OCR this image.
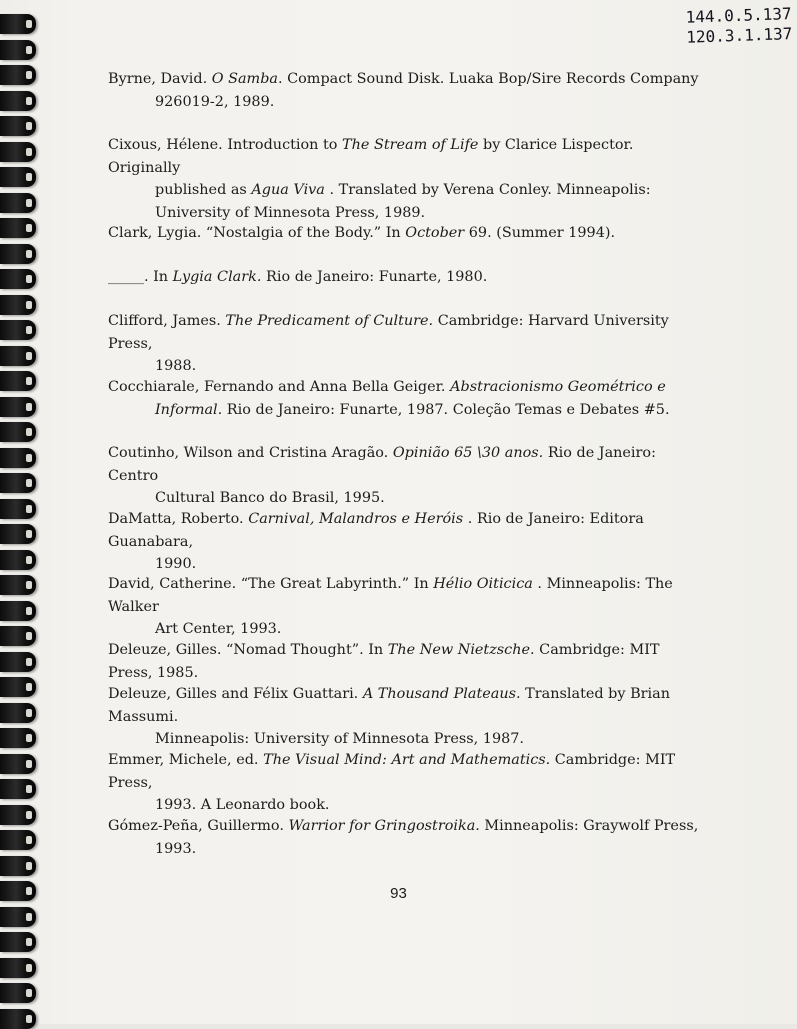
144.0.5.137
120.3.1.137

Byrne, David. O Samba. Compact Sound Disk. Luaka Bop/Sire Records Company

926019-2, 1989.

Cixous, Hélene. Introduction to The Stream of Life by Clarice Lispector. Originally

published as Agua Viva . Translated by Verena Conley. Minneapolis:

University of Minnesota Press, 1989.

Clark, Lygia. “Nostalgia of the Body.” In October 69. (Summer 1994).

_____. In Lygia Clark. Rio de Janeiro: Funarte, 1980.

Clifford, James. The Predicament of Culture. Cambridge: Harvard University Press,

1988.

Cocchiarale, Fernando and Anna Bella Geiger. Abstracionismo Geométrico e

Informal. Rio de Janeiro: Funarte, 1987. Coleção Temas e Debates #5.

Coutinho, Wilson and Cristina Aragão. Opinião 65 \30 anos. Rio de Janeiro: Centro

Cultural Banco do Brasil, 1995.

DaMatta, Roberto. Carnival, Malandros e Heróis . Rio de Janeiro: Editora Guanabara,

1990.

David, Catherine. “The Great Labyrinth.” In Hélio Oiticica . Minneapolis: The Walker

Art Center, 1993.

Deleuze, Gilles. “Nomad Thought”. In The New Nietzsche. Cambridge: MIT Press, 1985.

Deleuze, Gilles and Félix Guattari. A Thousand Plateaus. Translated by Brian Massumi.

Minneapolis: University of Minnesota Press, 1987.

Emmer, Michele, ed. The Visual Mind: Art and Mathematics. Cambridge: MIT Press,

1993. A Leonardo book.

Gómez-Peña, Guillermo. Warrior for Gringostroika. Minneapolis: Graywolf Press,

1993.

93
